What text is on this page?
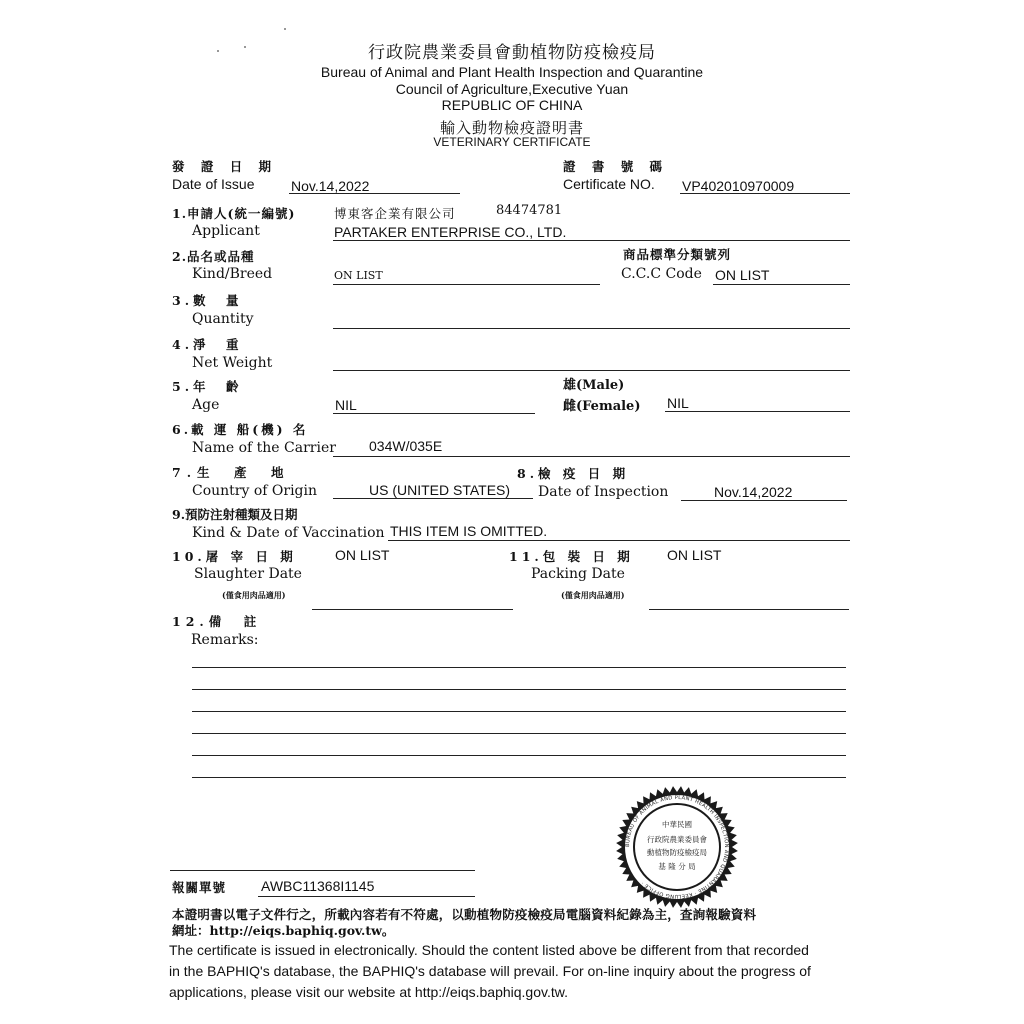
行政院農業委員會動植物防疫檢疫局
Bureau of Animal and Plant Health Inspection and Quarantine
Council of Agriculture,Executive Yuan
REPUBLIC OF CHINA
輸入動物檢疫證明書
VETERINARY CERTIFICATE
發 證 日 期
Date of Issue	Nov.14,2022
證 書 號 碼
Certificate NO. VP402010970009
1.申請人(統一編號)
Applicant
博東客企業有限公司	84474781
PARTAKER ENTERPRISE CO., LTD.
2.品名或品種
Kind/Breed	ON LIST
商品標準分類號列
C.C.C Code ON LIST
3.數　量
Quantity
4.淨　重
Net Weight
5.年　齡
Age	NIL
雄(Male)
雌(Female) NIL
6.載 運 船(機) 名
Name of the Carrier 034W/035E
7.生　產　地
Country of Origin	US (UNITED STATES)
8.檢 疫 日 期
Date of Inspection	Nov.14,2022
9.預防注射種類及日期
Kind & Date of Vaccination THIS ITEM IS OMITTED.
10.屠 宰 日 期
Slaughter Date
ON LIST
(僅食用肉品適用)
11.包 裝 日 期
Packing Date
ON LIST
(僅食用肉品適用)
12.備　註
Remarks:
BUREAU OF ANIMAL AND PLANT HEALTH INSPECTION AND QUARANTINE · KEELUNG OFFICE ·
中華民國
行政院農業委員會
動植物防疫檢疫局
基 隆 分 局
報關單號 AWBC11368I1145
本證明書以電子文件行之，所載內容若有不符處，以動植物防疫檢疫局電腦資料紀錄為主，查詢報驗資料
網址：http://eiqs.baphiq.gov.tw。
The certificate is issued in electronically. Should the content listed above be different from that recorded
in the BAPHIQ's database, the BAPHIQ's database will prevail. For on-line inquiry about the progress of
applications, please visit our website at http://eiqs.baphiq.gov.tw.
